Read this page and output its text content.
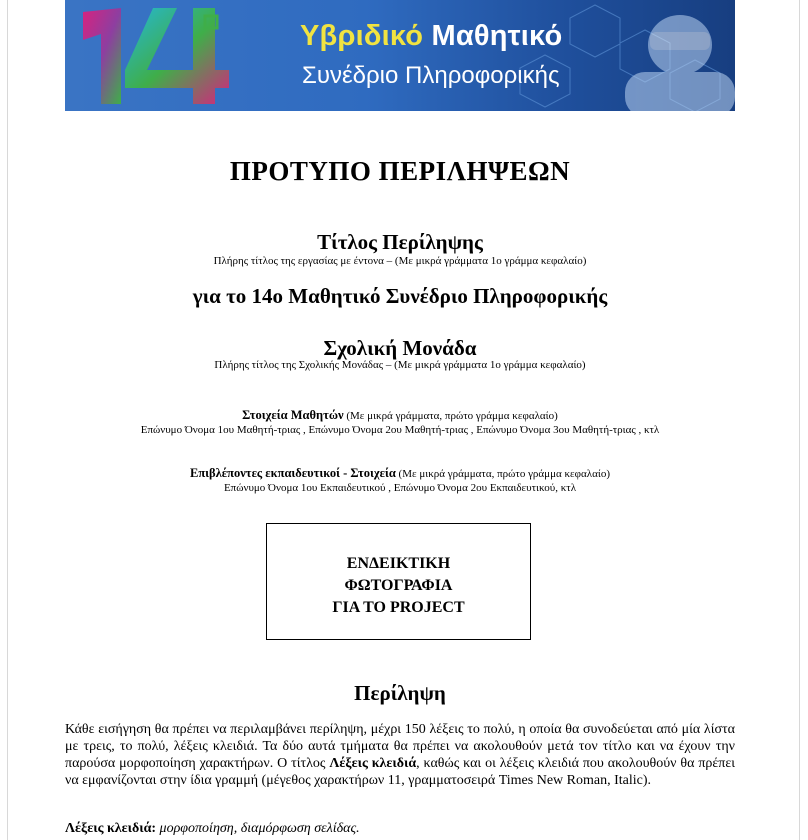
Υβριδικό Μαθητικό
Συνέδριο Πληροφορικής
ΠΡΟΤΥΠΟ ΠΕΡΙΛΗΨΕΩΝ
Τίτλος Περίληψης
Πλήρης τίτλος της εργασίας με έντονα – (Με μικρά γράμματα 1ο γράμμα κεφαλαίο)
για το 14ο Μαθητικό Συνέδριο Πληροφορικής
Σχολική Μονάδα
Πλήρης τίτλος της Σχολικής Μονάδας – (Με μικρά γράμματα 1ο γράμμα κεφαλαίο)
Στοιχεία Μαθητών (Με μικρά γράμματα, πρώτο γράμμα κεφαλαίο)
Επώνυμο Όνομα 1ου Μαθητή-τριας , Επώνυμο Όνομα 2ου Μαθητή-τριας , Επώνυμο Όνομα 3ου Μαθητή-τριας , κτλ
Επιβλέποντες εκπαιδευτικοί - Στοιχεία (Με μικρά γράμματα, πρώτο γράμμα κεφαλαίο)
Επώνυμο Όνομα 1ου Εκπαιδευτικού , Επώνυμο Όνομα 2ου Εκπαιδευτικού, κτλ
ΕΝΔΕΙΚΤΙΚΗ
ΦΩΤΟΓΡΑΦΙΑ
ΓΙΑ ΤΟ PROJECT
Περίληψη
Κάθε εισήγηση θα πρέπει να περιλαμβάνει περίληψη, μέχρι 150 λέξεις το πολύ, η οποία θα συνοδεύεται από μία λίστα με τρεις, το πολύ, λέξεις κλειδιά. Τα δύο αυτά τμήματα θα πρέπει να ακολουθούν μετά τον τίτλο και να έχουν την παρούσα μορφοποίηση χαρακτήρων. Ο τίτλος Λέξεις κλειδιά, καθώς και οι λέξεις κλειδιά που ακολουθούν θα πρέπει να εμφανίζονται στην ίδια γραμμή (μέγεθος χαρακτήρων 11, γραμματοσειρά Times New Roman, Italic).
Λέξεις κλειδιά: μορφοποίηση, διαμόρφωση σελίδας.
